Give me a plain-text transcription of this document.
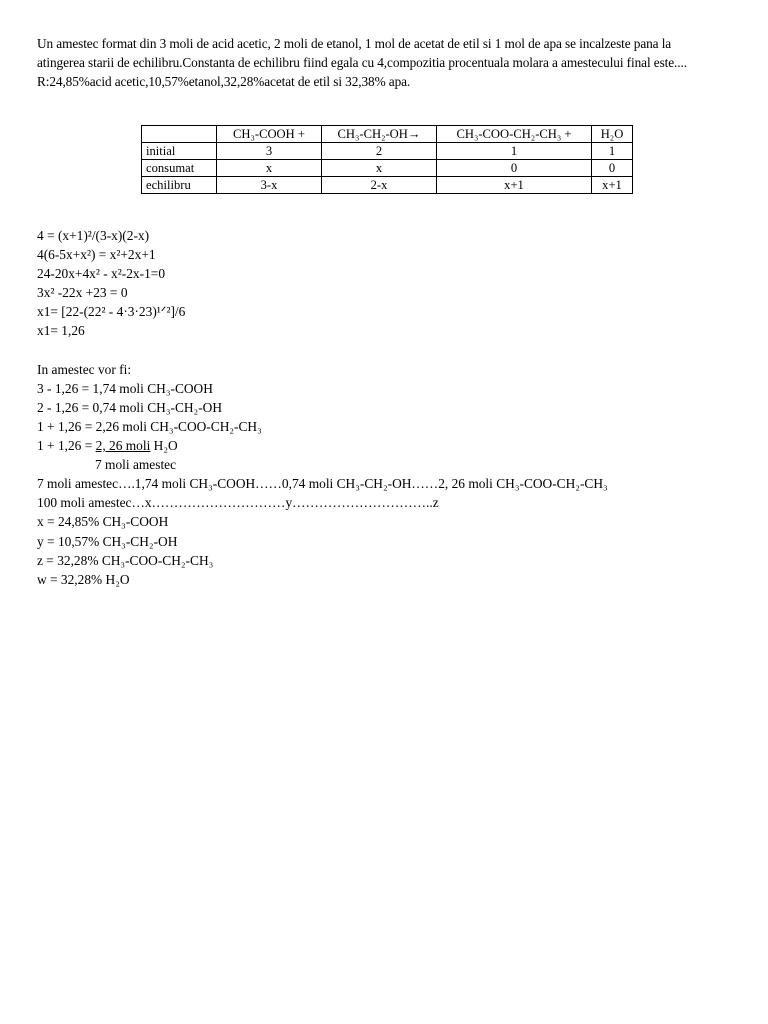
Un amestec format din 3 moli de acid acetic, 2 moli de etanol, 1 mol de acetat de etil si 1 mol de apa se incalzeste pana la atingerea starii de echilibru.Constanta de echilibru fiind egala cu 4,compozitia procentuala molara a amestecului final este....

R:24,85%acid acetic,10,57%etanol,32,28%acetat de etil si 32,38% apa.

	CH₃-COOH +	CH₃-CH₂-OH→	CH₃-COO-CH₂-CH₃ +	H₂O
initial	3	2	1	1
consumat	x	x	0	0
echilibru	3-x	2-x	x+1	x+1
4 = (x+1)²/(3-x)(2-x)
4(6-5x+x²) = x²+2x+1
24-20x+4x² - x²-2x-1=0
3x² -22x +23 = 0
x1= [22-(22² - 4·3·23)¹ᐟ²]/6
x1= 1,26
In amestec vor fi:
3 - 1,26 = 1,74 moli CH₃-COOH
2 - 1,26 = 0,74 moli CH₃-CH₂-OH
1 + 1,26 = 2,26 moli CH₃-COO-CH₂-CH₃
1 + 1,26 = 2, 26 moli H₂O
7 moli amestec
7 moli amestec….1,74 moli CH₃-COOH……0,74 moli CH₃-CH₂-OH……2, 26 moli CH₃-COO-CH₂-CH₃
100 moli amestec…x…………………………y…………………………..z
x = 24,85% CH₃-COOH
y = 10,57% CH₃-CH₂-OH
z = 32,28% CH₃-COO-CH₂-CH₃
w = 32,28% H₂O
